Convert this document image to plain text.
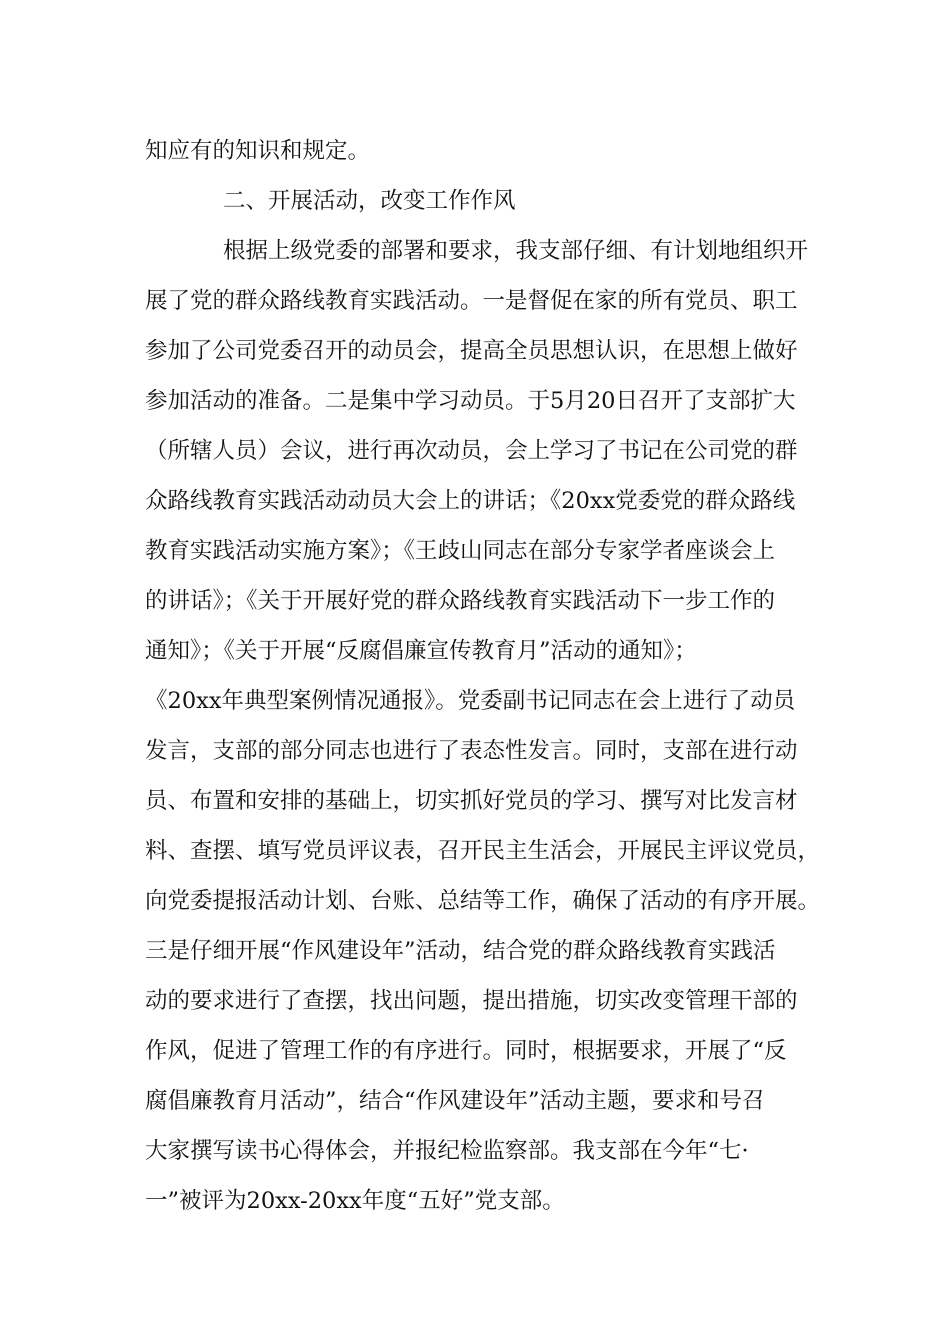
知应有的知识和规定。
二、开展活动，改变工作作风
根据上级党委的部署和要求，我支部仔细、有计划地组织开
展了党的群众路线教育实践活动。一是督促在家的所有党员、职工
参加了公司党委召开的动员会，提高全员思想认识，在思想上做好
参加活动的准备。二是集中学习动员。于5月20日召开了支部扩大
（所辖人员）会议，进行再次动员，会上学习了书记在公司党的群
众路线教育实践活动动员大会上的讲话；《20xx党委党的群众路线
教育实践活动实施方案》；《王歧山同志在部分专家学者座谈会上
的讲话》；《关于开展好党的群众路线教育实践活动下一步工作的
通知》；《关于开展“反腐倡廉宣传教育月”活动的通知》；
《20xx年典型案例情况通报》。党委副书记同志在会上进行了动员
发言，支部的部分同志也进行了表态性发言。同时，支部在进行动
员、布置和安排的基础上，切实抓好党员的学习、撰写对比发言材
料、查摆、填写党员评议表，召开民主生活会，开展民主评议党员，
向党委提报活动计划、台账、总结等工作，确保了活动的有序开展。
三是仔细开展“作风建设年”活动，结合党的群众路线教育实践活
动的要求进行了查摆，找出问题，提出措施，切实改变管理干部的
作风，促进了管理工作的有序进行。同时，根据要求，开展了“反
腐倡廉教育月活动”，结合“作风建设年”活动主题，要求和号召
大家撰写读书心得体会，并报纪检监察部。我支部在今年“七·
一”被评为20xx-20xx年度“五好”党支部。
